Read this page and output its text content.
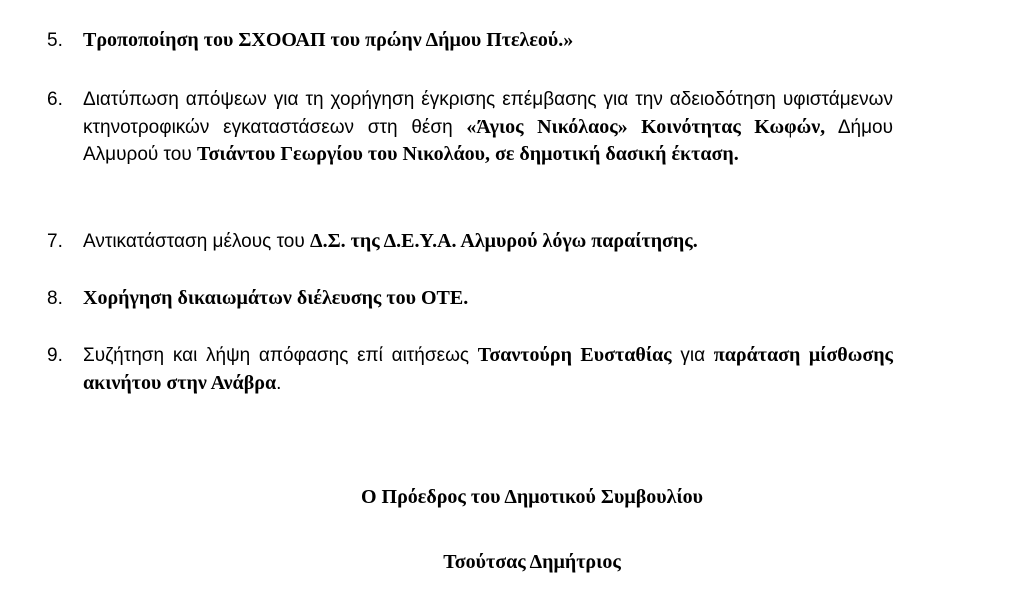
5.	Τροποποίηση του ΣΧΟΟΑΠ του πρώην Δήμου Πτελεού.»
6.	Διατύπωση απόψεων για τη χορήγηση έγκρισης επέμβασης για την αδειοδότηση υφιστάμενων κτηνοτροφικών εγκαταστάσεων στη θέση «Άγιος Νικόλαος» Κοινότητας Κωφών, Δήμου Αλμυρού του Τσιάντου Γεωργίου του Νικολάου, σε δημοτική δασική έκταση.
7.	Αντικατάσταση μέλους του Δ.Σ. της Δ.Ε.Υ.Α. Αλμυρού λόγω παραίτησης.
8.	Χορήγηση δικαιωμάτων διέλευσης του ΟΤΕ.
9.	Συζήτηση και λήψη απόφασης επί αιτήσεως Τσαντούρη Ευσταθίας για παράταση μίσθωσης ακινήτου στην Ανάβρα.
Ο Πρόεδρος του Δημοτικού Συμβουλίου
Τσούτσας Δημήτριος
